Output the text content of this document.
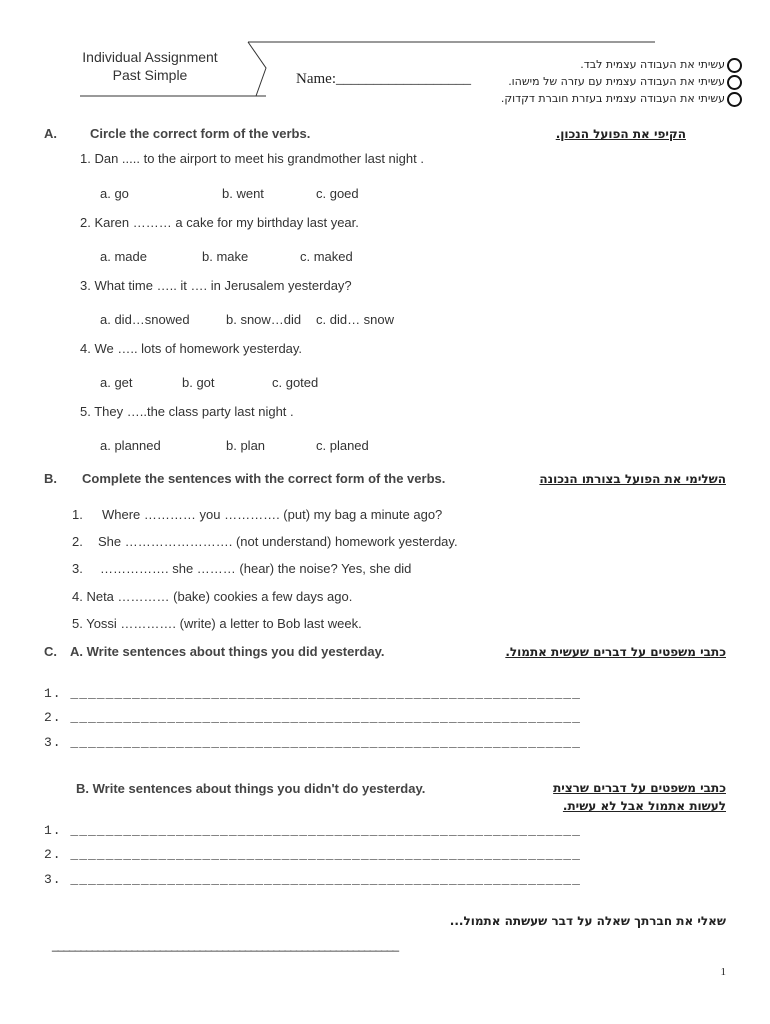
Individual Assignment
Past Simple	Name:__________________
עשיתי את העבודה עצמית לבד.
עשיתי את העבודה עצמית עם עזרה של מישהו.
עשיתי את העבודה עצמית בעזרת חוברת דקדוק.
A.	Circle the correct form of the verbs.	הקיפי את הפועל הנכון.
1. Dan ..... to the airport to meet his grandmother last night .
a. go	b. went	c. goed
2. Karen ……… a cake for my birthday last year.
a. made	b. make	c. maked
3. What time ….. it …. in Jerusalem yesterday?
a. did…snowed	b. snow…did c. did… snow
4. We ….. lots of homework yesterday.
a. get	b. got	c. goted
5. They …..the class party last night .
a. planned	b. plan	c. planed
B. Complete the sentences with the correct form of the verbs.	השלימי את הפועל בצורתו הנכונה
1. Where ………… you …………. (put) my bag a minute ago?
2. She ……………………. (not understand) homework yesterday.
3. ……………. she ……… (hear) the noise? Yes, she did
4. Neta ………… (bake) cookies a few days ago.
5. Yossi …………. (write) a letter to Bob last week.
C. A. Write sentences about things you did yesterday.	כתבי משפטים על דברים שעשית אתמול.
1. __________________________________________________________
2. __________________________________________________________
3. __________________________________________________________
B. Write sentences about things you didn't do yesterday.	כתבי משפטים על דברים שרצית
לעשות אתמול אבל לא עשית.
1. __________________________________________________________
2. __________________________________________________________
3. __________________________________________________________
שאלי את חברתך שאלה על דבר שעשתה אתמול...
_____________________________________________________________
1
